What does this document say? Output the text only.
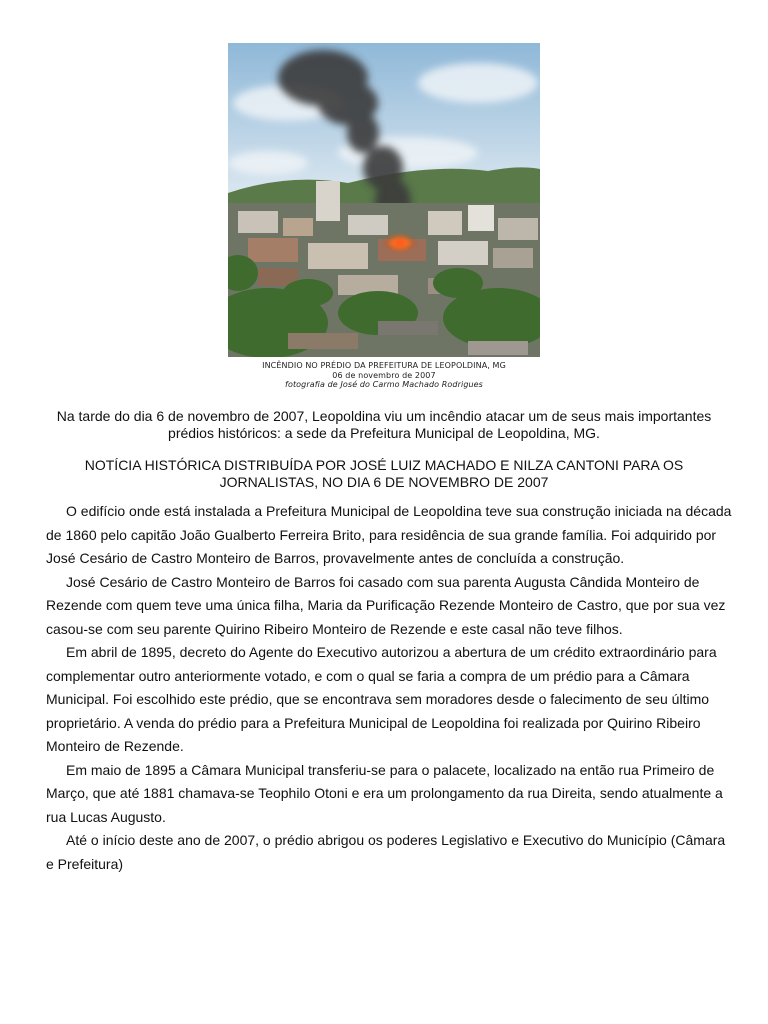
INCÊNDIO NO PRÉDIO DA PREFEITURA DE LEOPOLDINA, MG
06 de novembro de 2007
fotografia de José do Carmo Machado Rodrigues
Na tarde do dia 6 de novembro de 2007, Leopoldina viu um incêndio atacar um de seus mais importantes prédios históricos: a sede da Prefeitura Municipal de Leopoldina, MG.
NOTÍCIA HISTÓRICA DISTRIBUÍDA POR JOSÉ LUIZ MACHADO E NILZA CANTONI PARA OS JORNALISTAS, NO DIA 6 DE NOVEMBRO DE 2007

O edifício onde está instalada a Prefeitura Municipal de Leopoldina teve sua construção iniciada na década de 1860 pelo capitão João Gualberto Ferreira Brito, para residência de sua grande família. Foi adquirido por José Cesário de Castro Monteiro de Barros, provavelmente antes de concluída a construção.

José Cesário de Castro Monteiro de Barros foi casado com sua parenta Augusta Cândida Monteiro de Rezende com quem teve uma única filha, Maria da Purificação Rezende Monteiro de Castro, que por sua vez casou-se com seu parente Quirino Ribeiro Monteiro de Rezende e este casal não teve filhos.

Em abril de 1895, decreto do Agente do Executivo autorizou a abertura de um crédito extraordinário para complementar outro anteriormente votado, e com o qual se faria a compra de um prédio para a Câmara Municipal. Foi escolhido este prédio, que se encontrava sem moradores desde o falecimento de seu último proprietário. A venda do prédio para a Prefeitura Municipal de Leopoldina foi realizada por Quirino Ribeiro Monteiro de Rezende.

Em maio de 1895 a Câmara Municipal transferiu-se para o palacete, localizado na então rua Primeiro de Março, que até 1881 chamava-se Teophilo Otoni e era um prolongamento da rua Direita, sendo atualmente a rua Lucas Augusto.

Até o início deste ano de 2007, o prédio abrigou os poderes Legislativo e Executivo do Município (Câmara e Prefeitura)
